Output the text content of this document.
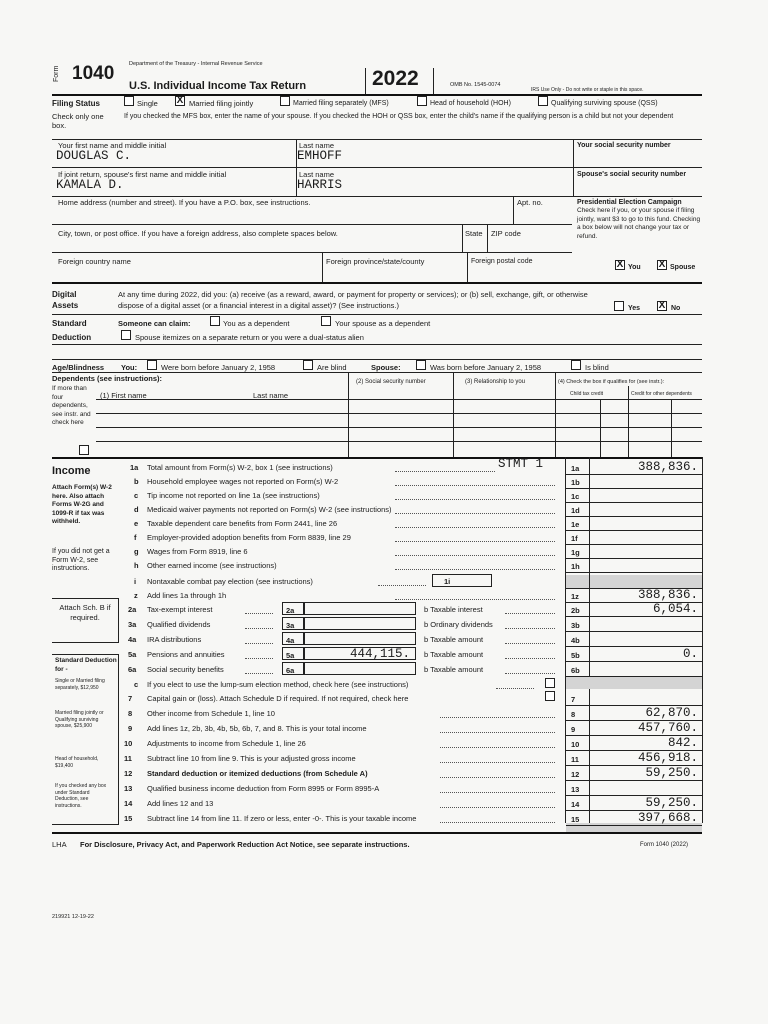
Form 1040	Department of the Treasury - Internal Revenue Service
U.S. Individual Income Tax Return	2022	OMB No. 1545-0074
IRS Use Only - Do not write or staple in this space.
Filing Status
Check only one box.
Single X Married filing jointly	Married filing separately (MFS)	Head of household (HOH)	Qualifying surviving spouse (QSS)
If you checked the MFS box, enter the name of your spouse. If you checked the HOH or QSS box, enter the child's name if the qualifying person is a child but not your dependent
Your first name and middle initial	Last name	Your social security number
DOUGLAS C.	EMHOFF
If joint return, spouse's first name and middle initial	Last name	Spouse's social security number
KAMALA D.	HARRIS
Home address (number and street). If you have a P.O. box, see instructions.	Apt. no.
City, town, or post office. If you have a foreign address, also complete spaces below.	State ZIP code
Foreign country name	Foreign province/state/county	Foreign postal code
Presidential Election Campaign
Check here if you, or your spouse if filing jointly, want $3 to go to this fund. Checking a box below will not change your tax or refund.
X You X Spouse
Digital
Assets
At any time during 2022, did you: (a) receive (as a reward, award, or payment for property or services); or (b) sell, exchange, gift, or otherwise dispose of a digital asset (or a financial interest in a digital asset)? (See instructions.)	Yes X No
Standard
Deduction
Someone can claim:	You as a dependent	Your spouse as a dependent
Spouse itemizes on a separate return or you were a dual-status alien
Age/Blindness You:	Were born before January 2, 1958	Are blind	Spouse:	Was born before January 2, 1958	Is blind
Dependents (see instructions):
If more than four dependents, see instr. and check here
(1) First name	Last name
(2) Social security number	(3) Relationship to you	(4) Check the box if qualifies for (see instr.):
Child tax credit	Credit for other dependents
Income
Attach Form(s) W-2 here. Also attach Forms W-2G and 1099-R if tax was withheld.
If you did not get a Form W-2, see instructions.
1a Total amount from Form(s) W-2, box 1 (see instructions)	STMT 1	1a	388,836.
b Household employee wages not reported on Form(s) W-2	1b
c Tip income not reported on line 1a (see instructions)	1c
d Medicaid waiver payments not reported on Form(s) W-2 (see instructions)	1d
e Taxable dependent care benefits from Form 2441, line 26	1e
f Employer-provided adoption benefits from Form 8839, line 29	1f
g Wages from Form 8919, line 6	1g
h Other earned income (see instructions)	1h
i Nontaxable combat pay election (see instructions)	1i
z Add lines 1a through 1h	1z	388,836.
Attach Sch. B if required.
2a Tax-exempt interest	2a	b Taxable interest	2b	6,054.
3a Qualified dividends	3a	b Ordinary dividends	3b
4a IRA distributions	4a	b Taxable amount	4b
5a Pensions and annuities	5a	444,115. b Taxable amount	5b	0.
6a Social security benefits	6a	b Taxable amount	6b
Standard Deduction for -
Single or Married filing separately, $12,950
Married filing jointly or Qualifying surviving spouse, $25,900
Head of household, $19,400
If you checked any box under Standard Deduction, see instructions.
c If you elect to use the lump-sum election method, check here (see instructions)
7 Capital gain or (loss). Attach Schedule D if required. If not required, check here	7
8 Other income from Schedule 1, line 10	8	62,870.
9 Add lines 1z, 2b, 3b, 4b, 5b, 6b, 7, and 8. This is your total income	9	457,760.
10 Adjustments to income from Schedule 1, line 26	10	842.
11 Subtract line 10 from line 9. This is your adjusted gross income	11	456,918.
12 Standard deduction or itemized deductions (from Schedule A)	12	59,250.
13 Qualified business income deduction from Form 8995 or Form 8995-A	13
14 Add lines 12 and 13	14	59,250.
15 Subtract line 14 from line 11. If zero or less, enter -0-. This is your taxable income	15	397,668.
LHA For Disclosure, Privacy Act, and Paperwork Reduction Act Notice, see separate instructions.	Form 1040 (2022)
219921 12-19-22
